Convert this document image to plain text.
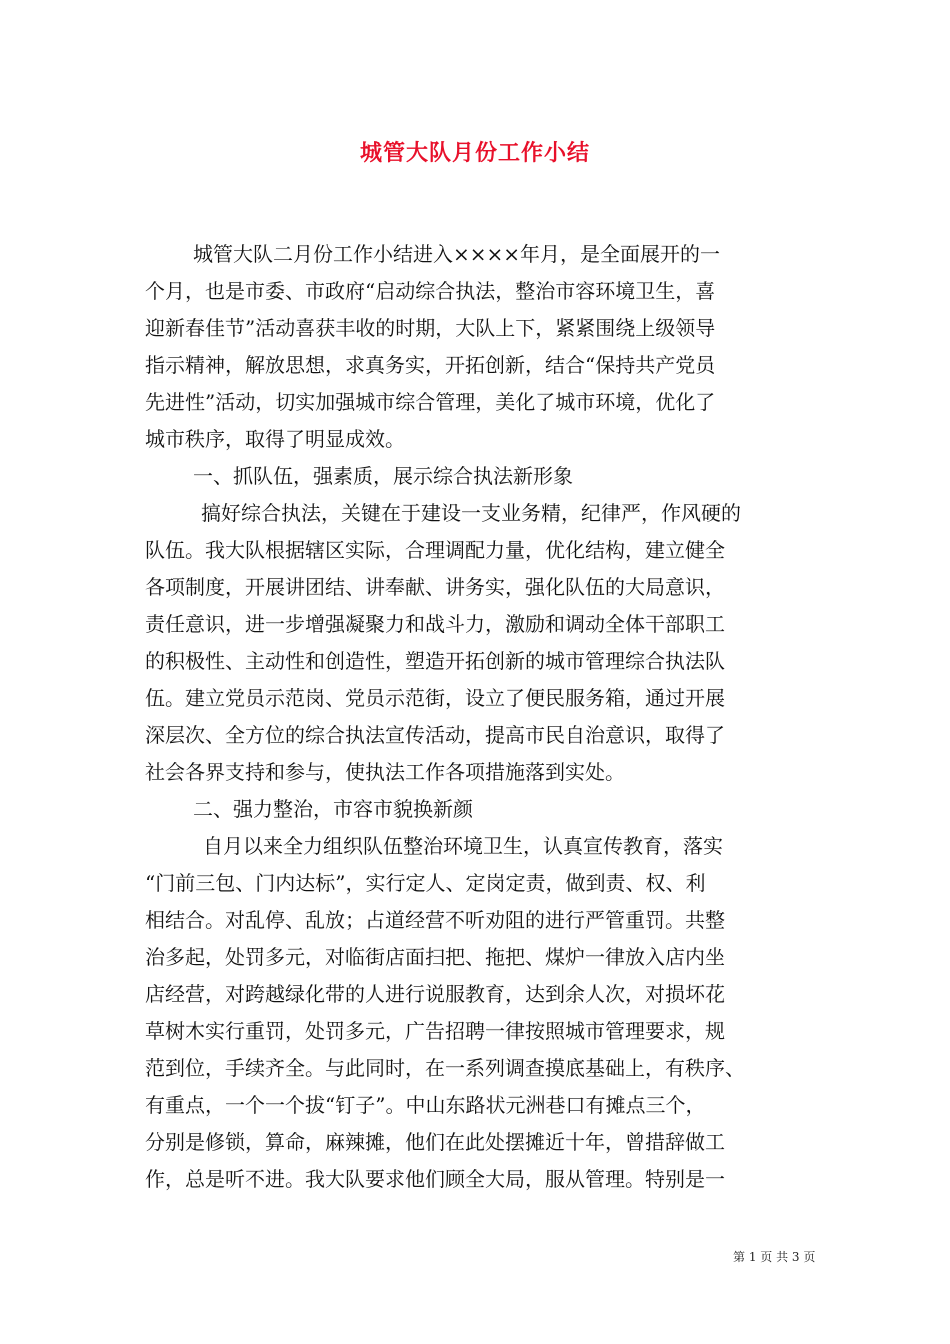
城管大队月份工作小结
城管大队二月份工作小结进入××××年月，是全面展开的一
个月，也是市委、市政府“启动综合执法，整治市容环境卫生，喜
迎新春佳节”活动喜获丰收的时期，大队上下，紧紧围绕上级领导
指示精神，解放思想，求真务实，开拓创新，结合“保持共产党员
先进性”活动，切实加强城市综合管理，美化了城市环境，优化了
城市秩序，取得了明显成效。
一、抓队伍，强素质，展示综合执法新形象
搞好综合执法，关键在于建设一支业务精，纪律严，作风硬的
队伍。我大队根据辖区实际，合理调配力量，优化结构，建立健全
各项制度，开展讲团结、讲奉献、讲务实，强化队伍的大局意识，
责任意识，进一步增强凝聚力和战斗力，激励和调动全体干部职工
的积极性、主动性和创造性，塑造开拓创新的城市管理综合执法队
伍。建立党员示范岗、党员示范街，设立了便民服务箱，通过开展
深层次、全方位的综合执法宣传活动，提高市民自治意识，取得了
社会各界支持和参与，使执法工作各项措施落到实处。
二、强力整治，市容市貌换新颜
自月以来全力组织队伍整治环境卫生，认真宣传教育，落实
“门前三包、门内达标”，实行定人、定岗定责，做到责、权、利
相结合。对乱停、乱放；占道经营不听劝阻的进行严管重罚。共整
治多起，处罚多元，对临街店面扫把、拖把、煤炉一律放入店内坐
店经营，对跨越绿化带的人进行说服教育，达到余人次，对损坏花
草树木实行重罚，处罚多元，广告招聘一律按照城市管理要求，规
范到位，手续齐全。与此同时，在一系列调查摸底基础上，有秩序、
有重点，一个一个拔“钉子”。中山东路状元洲巷口有摊点三个，
分别是修锁，算命，麻辣摊，他们在此处摆摊近十年，曾措辞做工
作，总是听不进。我大队要求他们顾全大局，服从管理。特别是一
第 1 页 共 3 页
